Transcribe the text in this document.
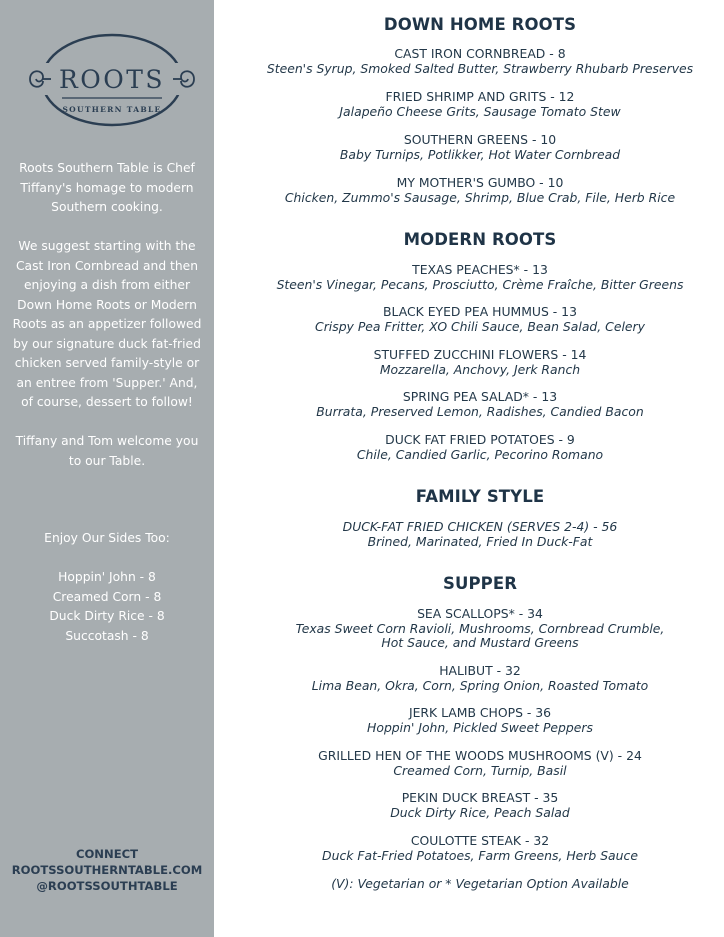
ROOTS
SOUTHERN TABLE

Roots Southern Table is Chef Tiffany's homage to modern Southern cooking.

We suggest starting with the Cast Iron Cornbread and then enjoying a dish from either Down Home Roots or Modern Roots as an appetizer followed by our signature duck fat-fried chicken served family-style or an entree from 'Supper.' And, of course, dessert to follow!

Tiffany and Tom welcome you to our Table.

Enjoy Our Sides Too:
Hoppin' John - 8
Creamed Corn - 8
Duck Dirty Rice - 8
Succotash - 8
CONNECT
ROOTSSOUTHERNTABLE.COM
@ROOTSSOUTHTABLE
DOWN HOME ROOTS
CAST IRON CORNBREAD - 8
Steen's Syrup, Smoked Salted Butter, Strawberry Rhubarb Preserves
FRIED SHRIMP AND GRITS - 12
Jalapeño Cheese Grits, Sausage Tomato Stew
SOUTHERN GREENS - 10
Baby Turnips, Potlikker, Hot Water Cornbread
MY MOTHER'S GUMBO - 10
Chicken, Zummo's Sausage, Shrimp, Blue Crab, File, Herb Rice
MODERN ROOTS
TEXAS PEACHES* - 13
Steen's Vinegar, Pecans, Prosciutto, Crème Fraîche, Bitter Greens
BLACK EYED PEA HUMMUS - 13
Crispy Pea Fritter, XO Chili Sauce, Bean Salad, Celery
STUFFED ZUCCHINI FLOWERS - 14
Mozzarella, Anchovy, Jerk Ranch
SPRING PEA SALAD* - 13
Burrata, Preserved Lemon, Radishes, Candied Bacon
DUCK FAT FRIED POTATOES - 9
Chile, Candied Garlic, Pecorino Romano
FAMILY STYLE
DUCK-FAT FRIED CHICKEN (SERVES 2-4) - 56
Brined, Marinated, Fried In Duck-Fat
SUPPER
SEA SCALLOPS* - 34
Texas Sweet Corn Ravioli, Mushrooms, Cornbread Crumble,
Hot Sauce, and Mustard Greens
HALIBUT - 32
Lima Bean, Okra, Corn, Spring Onion, Roasted Tomato
JERK LAMB CHOPS - 36
Hoppin' John, Pickled Sweet Peppers
GRILLED HEN OF THE WOODS MUSHROOMS (V) - 24
Creamed Corn, Turnip, Basil
PEKIN DUCK BREAST - 35
Duck Dirty Rice, Peach Salad
COULOTTE STEAK - 32
Duck Fat-Fried Potatoes, Farm Greens, Herb Sauce
(V): Vegetarian or * Vegetarian Option Available
